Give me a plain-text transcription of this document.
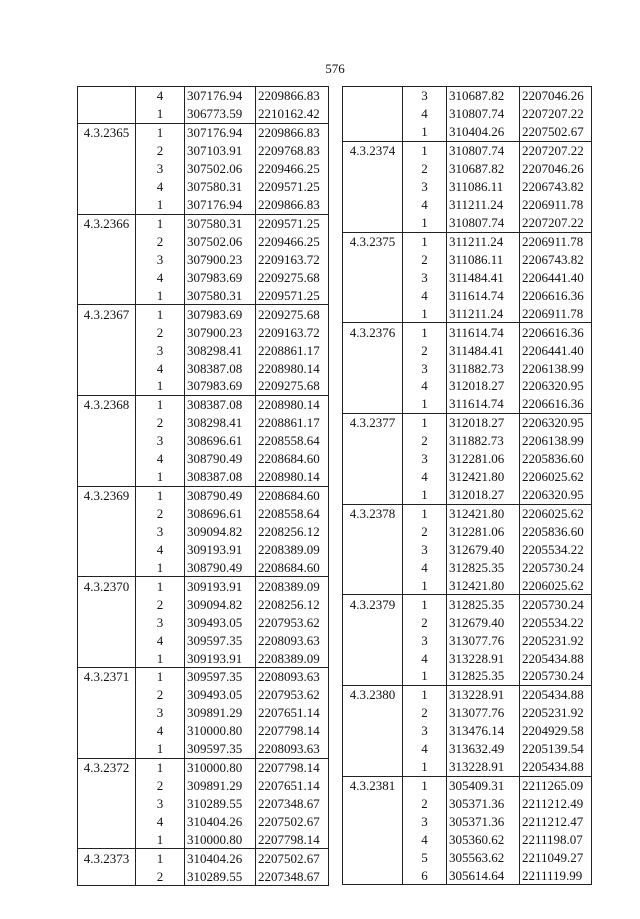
576
	4	307176.94	2209866.83
	1	306773.59	2210162.42
4.3.2365	1	307176.94	2209866.83
	2	307103.91	2209768.83
	3	307502.06	2209466.25
	4	307580.31	2209571.25
	1	307176.94	2209866.83
4.3.2366	1	307580.31	2209571.25
	2	307502.06	2209466.25
	3	307900.23	2209163.72
	4	307983.69	2209275.68
	1	307580.31	2209571.25
4.3.2367	1	307983.69	2209275.68
	2	307900.23	2209163.72
	3	308298.41	2208861.17
	4	308387.08	2208980.14
	1	307983.69	2209275.68
4.3.2368	1	308387.08	2208980.14
	2	308298.41	2208861.17
	3	308696.61	2208558.64
	4	308790.49	2208684.60
	1	308387.08	2208980.14
4.3.2369	1	308790.49	2208684.60
	2	308696.61	2208558.64
	3	309094.82	2208256.12
	4	309193.91	2208389.09
	1	308790.49	2208684.60
4.3.2370	1	309193.91	2208389.09
	2	309094.82	2208256.12
	3	309493.05	2207953.62
	4	309597.35	2208093.63
	1	309193.91	2208389.09
4.3.2371	1	309597.35	2208093.63
	2	309493.05	2207953.62
	3	309891.29	2207651.14
	4	310000.80	2207798.14
	1	309597.35	2208093.63
4.3.2372	1	310000.80	2207798.14
	2	309891.29	2207651.14
	3	310289.55	2207348.67
	4	310404.26	2207502.67
	1	310000.80	2207798.14
4.3.2373	1	310404.26	2207502.67
	2	310289.55	2207348.67
	3	310687.82	2207046.26
	4	310807.74	2207207.22
	1	310404.26	2207502.67
4.3.2374	1	310807.74	2207207.22
	2	310687.82	2207046.26
	3	311086.11	2206743.82
	4	311211.24	2206911.78
	1	310807.74	2207207.22
4.3.2375	1	311211.24	2206911.78
	2	311086.11	2206743.82
	3	311484.41	2206441.40
	4	311614.74	2206616.36
	1	311211.24	2206911.78
4.3.2376	1	311614.74	2206616.36
	2	311484.41	2206441.40
	3	311882.73	2206138.99
	4	312018.27	2206320.95
	1	311614.74	2206616.36
4.3.2377	1	312018.27	2206320.95
	2	311882.73	2206138.99
	3	312281.06	2205836.60
	4	312421.80	2206025.62
	1	312018.27	2206320.95
4.3.2378	1	312421.80	2206025.62
	2	312281.06	2205836.60
	3	312679.40	2205534.22
	4	312825.35	2205730.24
	1	312421.80	2206025.62
4.3.2379	1	312825.35	2205730.24
	2	312679.40	2205534.22
	3	313077.76	2205231.92
	4	313228.91	2205434.88
	1	312825.35	2205730.24
4.3.2380	1	313228.91	2205434.88
	2	313077.76	2205231.92
	3	313476.14	2204929.58
	4	313632.49	2205139.54
	1	313228.91	2205434.88
4.3.2381	1	305409.31	2211265.09
	2	305371.36	2211212.49
	3	305371.36	2211212.47
	4	305360.62	2211198.07
	5	305563.62	2211049.27
	6	305614.64	2211119.99
